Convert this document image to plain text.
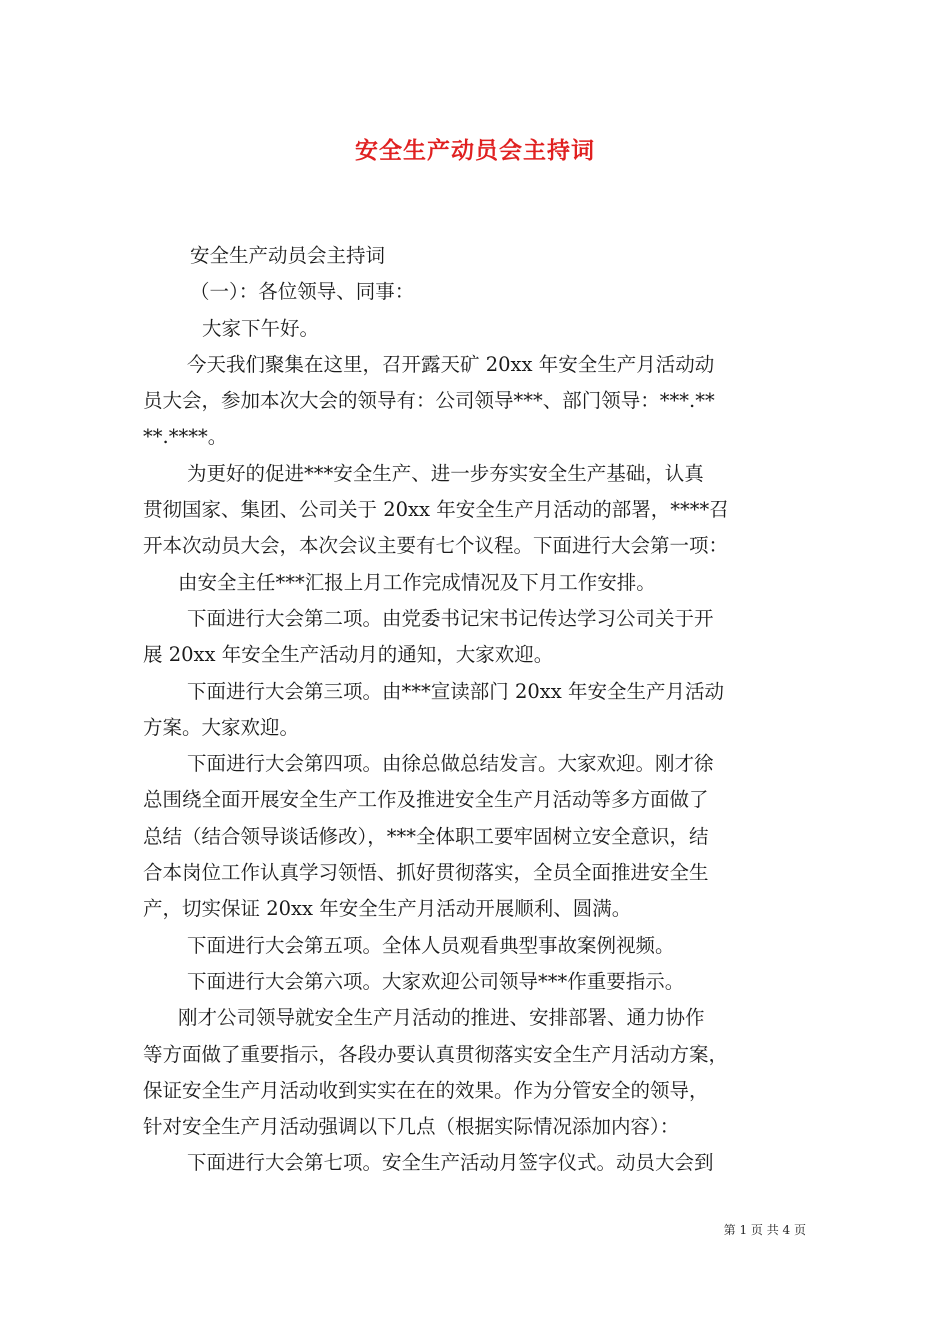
安全生产动员会主持词

安全生产动员会主持词

（一）：各位领导、同事：

大家下午好。

今天我们聚集在这里，召开露天矿 20xx 年安全生产月活动动

员大会，参加本次大会的领导有：公司领导***、部门领导：***.**

**.****。

为更好的促进***安全生产、进一步夯实安全生产基础，认真

贯彻国家、集团、公司关于 20xx 年安全生产月活动的部署，****召

开本次动员大会，本次会议主要有七个议程。下面进行大会第一项：

由安全主任***汇报上月工作完成情况及下月工作安排。

下面进行大会第二项。由党委书记宋书记传达学习公司关于开

展 20xx 年安全生产活动月的通知，大家欢迎。

下面进行大会第三项。由***宣读部门 20xx 年安全生产月活动

方案。大家欢迎。

下面进行大会第四项。由徐总做总结发言。大家欢迎。刚才徐

总围绕全面开展安全生产工作及推进安全生产月活动等多方面做了

总结（结合领导谈话修改），***全体职工要牢固树立安全意识，结

合本岗位工作认真学习领悟、抓好贯彻落实，全员全面推进安全生

产，切实保证 20xx 年安全生产月活动开展顺利、圆满。

下面进行大会第五项。全体人员观看典型事故案例视频。

下面进行大会第六项。大家欢迎公司领导***作重要指示。

刚才公司领导就安全生产月活动的推进、安排部署、通力协作

等方面做了重要指示，各段办要认真贯彻落实安全生产月活动方案，

保证安全生产月活动收到实实在在的效果。作为分管安全的领导，

针对安全生产月活动强调以下几点（根据实际情况添加内容）：

下面进行大会第七项。安全生产活动月签字仪式。动员大会到

第 1 页 共 4 页
